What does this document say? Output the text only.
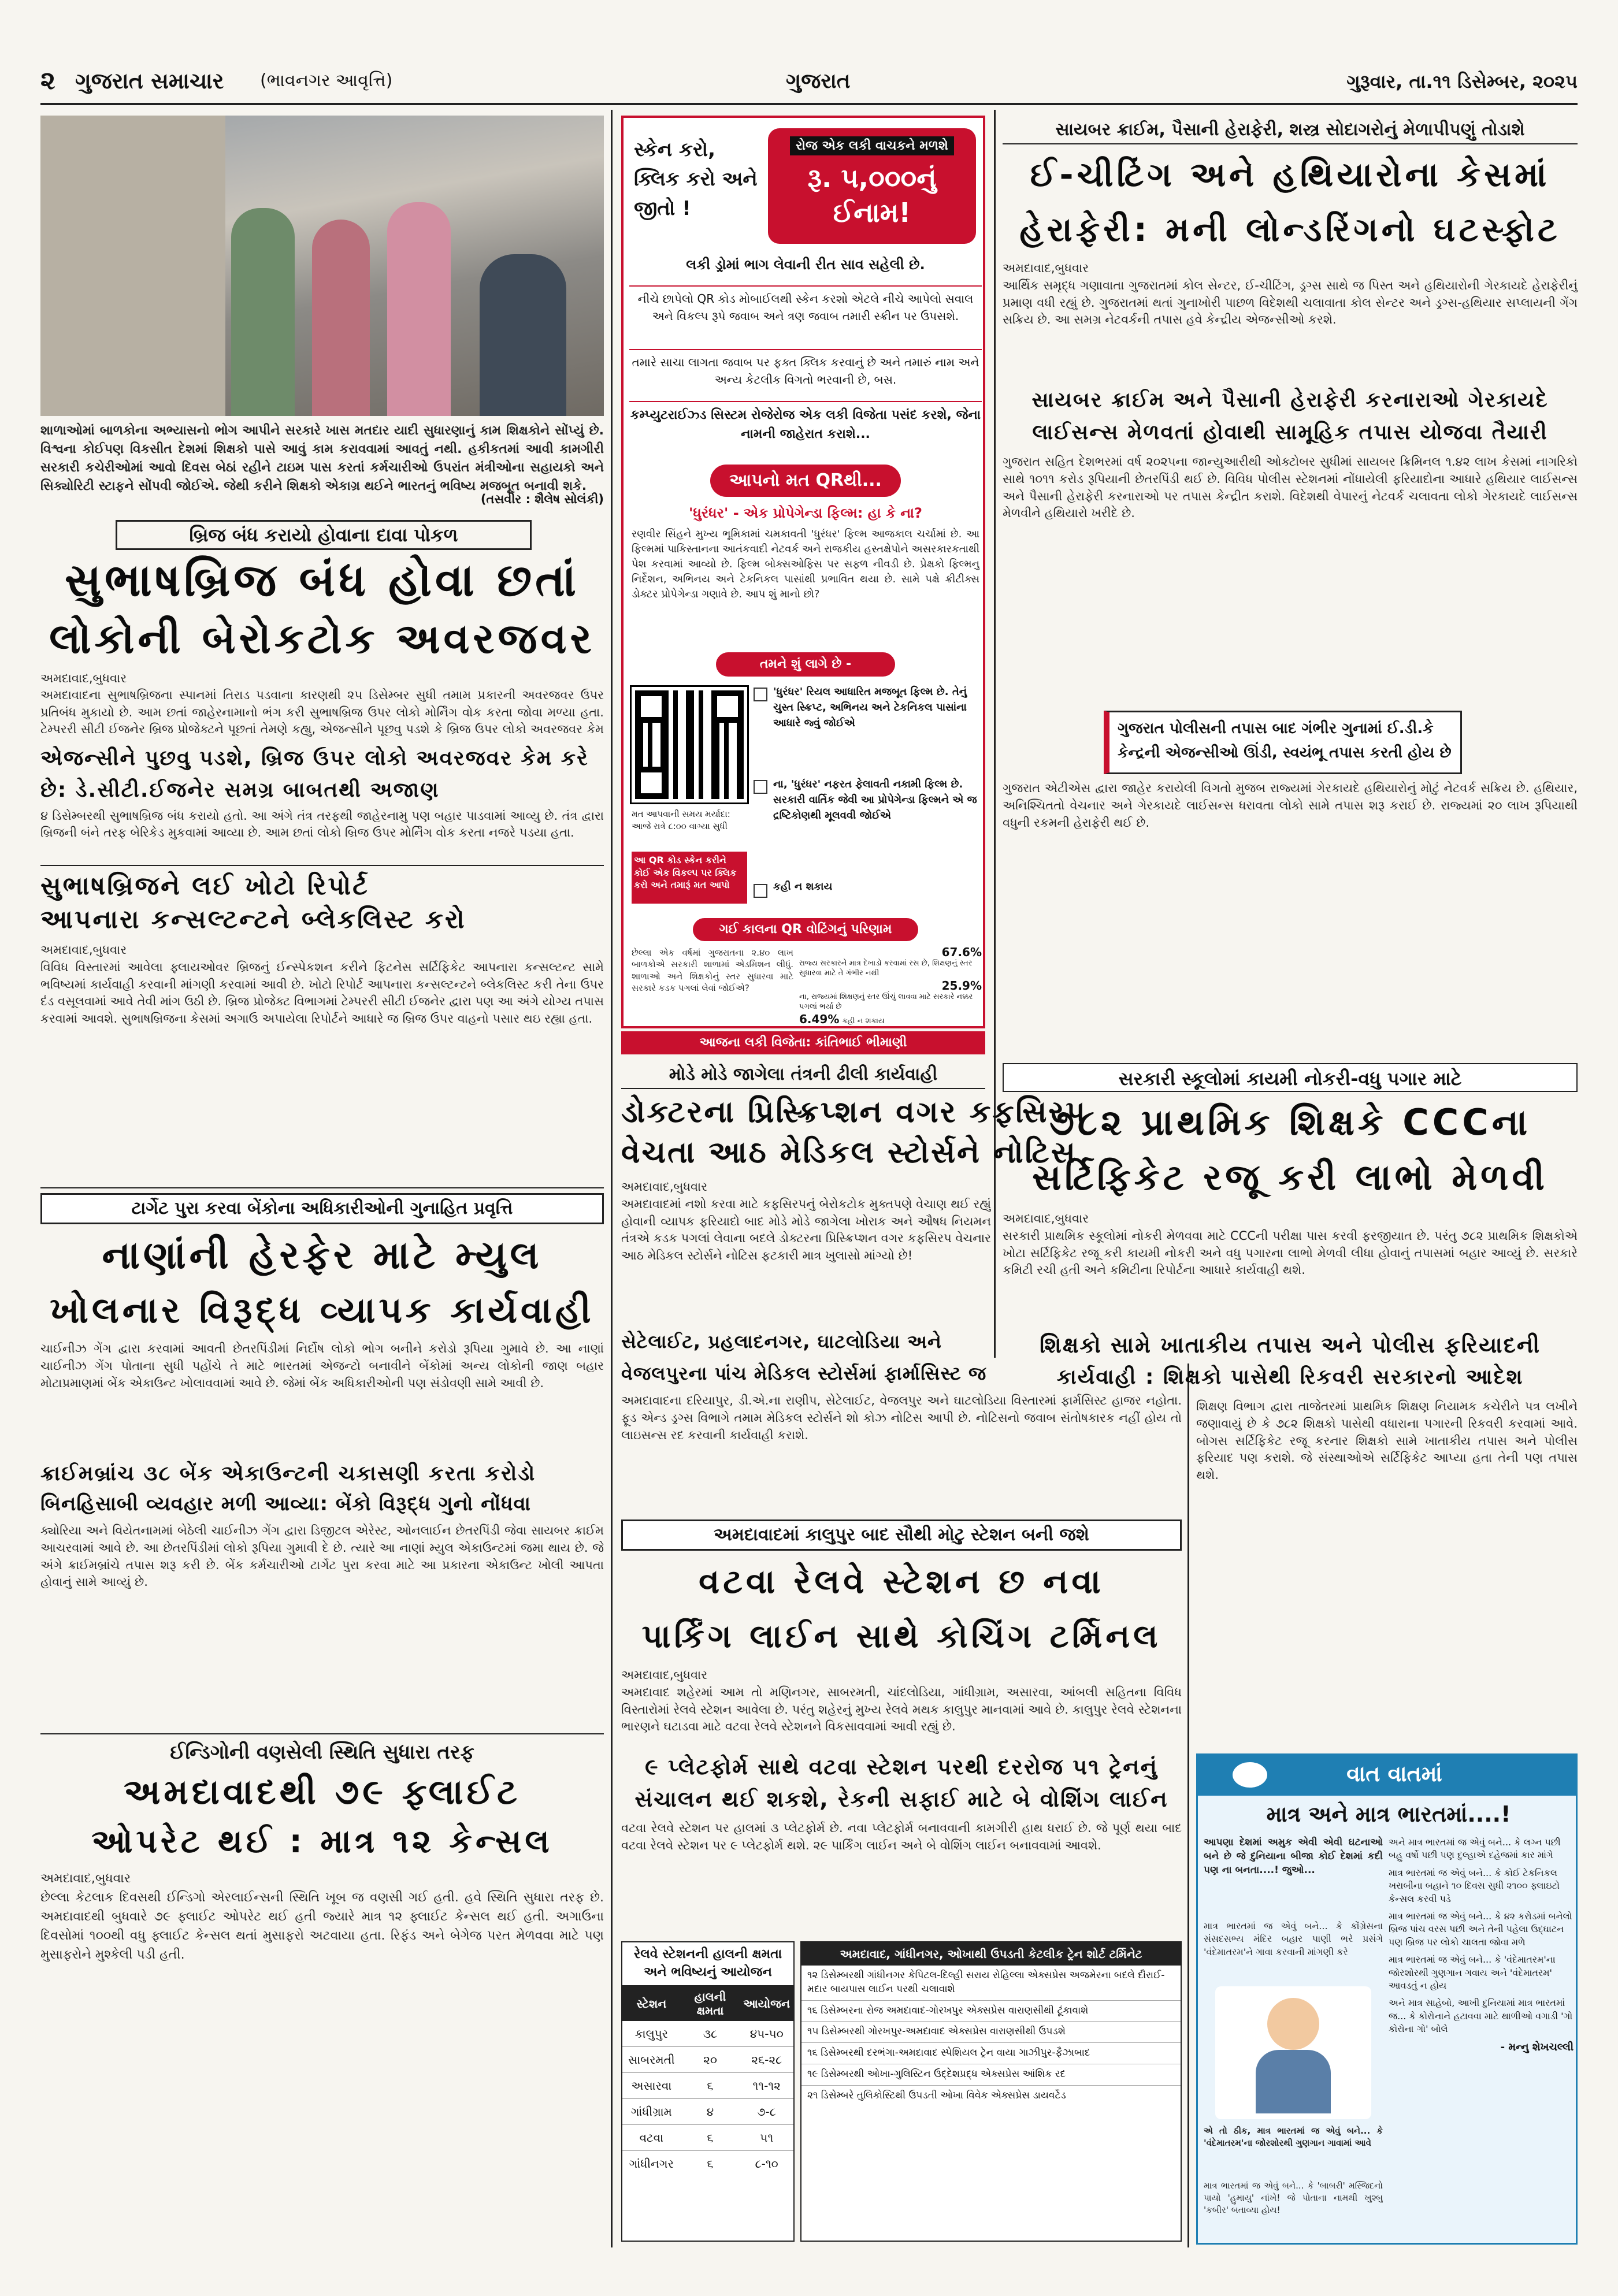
૨ ગુજરાત સમાચાર (ભાવનગર આવૃત્તિ)	ગુજરાત	ગુરૂવાર, તા.૧૧ ડિસેમ્બર, ૨૦૨૫
શાળાઓમાં બાળકોના અભ્યાસનો ભોગ આપીને સરકારે ખાસ મતદાર યાદી સુધારણાનું કામ શિક્ષકોને સોંપ્યું છે. વિશ્વના કોઈપણ વિકસીત દેશમાં શિક્ષકો પાસે આવું કામ કરાવવામાં આવતું નથી. હકીકતમાં આવી કામગીરી સરકારી કચેરીઓમાં આવો દિવસ બેઠાં રહીને ટાઇમ પાસ કરતાં કર્મચારીઓ ઉપરાંત મંત્રીઓના સહાયકો અને સિક્યોરિટી સ્ટાફને સોંપવી જોઈએ. જેથી કરીને શિક્ષકો એકાગ્ર થઈને ભારતનું ભવિષ્ય મજબૂત બનાવી શકે.
(તસવીર : શૈલેષ સોલંકી)
બ્રિજ બંધ કરાયો હોવાના દાવા પોકળ
સુભાષબ્રિજ બંધ હોવા છતાં
લોકોની બેરોકટોક અવરજવર
અમદાવાદ,બુધવાર
અમદાવાદના સુભાષબ્રિજના સ્પાનમાં તિરાડ પડવાના કારણથી ૨૫ ડિસેમ્બર સુધી તમામ પ્રકારની અવરજવર ઉપર પ્રતિબંધ મુકાયો છે. આમ છતાં જાહેરનામાનો ભંગ કરી સુભાષબ્રિજ ઉપર લોકો મોર્નિંગ વોક કરતા જોવા મળ્યા હતા. ટેમ્પરરી સીટી ઈજનેર બ્રિજ પ્રોજેક્ટને પૂછતાં તેમણે કહ્યુ, એજન્સીને પૂછવુ પડશે કે બ્રિજ ઉપર લોકો અવરજવર કેમ
એજન્સીને પુછવુ પડશે, બ્રિજ ઉપર લોકો અવરજવર કેમ કરે છે: ડે.સીટી.ઈજનેર સમગ્ર બાબતથી અજાણ
૪ ડિસેમ્બરથી સુભાષબ્રિજ બંધ કરાયો હતો. આ અંગે તંત્ર તરફથી જાહેરનામુ પણ બહાર પાડવામાં આવ્યુ છે. તંત્ર દ્વારા બ્રિજની બંને તરફ બેરિકેડ મુકવામાં આવ્યા છે. આમ છતાં લોકો બ્રિજ ઉપર મોર્નિંગ વોક કરતા નજરે પડયા હતા.
સુભાષબ્રિજને લઈ ખોટો રિપોર્ટ
આપનારા કન્સલ્ટન્ટને બ્લેકલિસ્ટ કરો
અમદાવાદ,બુધવાર
વિવિધ વિસ્તારમાં આવેલા ફ્લાયઓવર બ્રિજનું ઈન્સ્પેકશન કરીને ફિટનેસ સર્ટિફિકેટ આપનારા કન્સલ્ટન્ટ સામે ભવિષ્યમાં કાર્યવાહી કરવાની માંગણી કરવામાં આવી છે. ખોટો રિપોર્ટ આપનારા કન્સલ્ટન્ટને બ્લેકલિસ્ટ કરી તેના ઉપર દંડ વસૂલવામાં આવે તેવી માંગ ઉઠી છે. બ્રિજ પ્રોજેક્ટ વિભાગમાં ટેમ્પરરી સીટી ઈજનેર દ્વારા પણ આ અંગે યોગ્ય તપાસ કરવામાં આવશે. સુભાષબ્રિજના કેસમાં અગાઉ અપાયેલા રિપોર્ટને આધારે જ બ્રિજ ઉપર વાહનો પસાર થઇ રહ્યા હતા.
ટાર્ગેટ પુરા કરવા બેંકોના અધિકારીઓની ગુનાહિત પ્રવૃત્તિ
નાણાંની હેરફેર માટે મ્યુલ
ખોલનાર વિરૂદ્ધ વ્યાપક કાર્યવાહી
ચાઈનીઝ ગેંગ દ્વારા કરવામાં આવતી છેતરપિંડીમાં નિર્દોષ લોકો ભોગ બનીને કરોડો રૂપિયા ગુમાવે છે. આ નાણાં ચાઈનીઝ ગેંગ પોતાના સુધી પહોંચે તે માટે ભારતમાં એજન્ટો બનાવીને બેંકોમાં અન્ય લોકોની જાણ બહાર મોટાપ્રમાણમાં બેંક એકાઉન્ટ ખોલાવવામાં આવે છે. જેમાં બેંક અધિકારીઓની પણ સંડોવણી સામે આવી છે.
ક્રાઈમબ્રાંચ ૩૮ બેંક એકાઉન્ટની ચકાસણી કરતા કરોડો
બિનહિસાબી વ્યવહાર મળી આવ્યા: બેંકો વિરૂદ્ધ ગુનો નોંધવા
ક્યોરિયા અને વિયેતનામમાં બેઠેલી ચાઈનીઝ ગેંગ દ્વારા ડિજીટલ એરેસ્ટ, ઓનલાઈન છેતરપિંડી જેવા સાયબર ક્રાઈમ આચરવામાં આવે છે. આ છેતરપિંડીમાં લોકો રૂપિયા ગુમાવી દે છે. ત્યારે આ નાણાં મ્યુલ એકાઉન્ટમાં જમા થાય છે. જે અંગે ક્રાઈમબ્રાંચે તપાસ શરૂ કરી છે. બેંક કર્મચારીઓ ટાર્ગેટ પુરા કરવા માટે આ પ્રકારના એકાઉન્ટ ખોલી આપતા હોવાનું સામે આવ્યું છે.
ઈન્ડિગોની વણસેલી સ્થિતિ સુધારા તરફ
અમદાવાદથી ૭૯ ફ્લાઈટ
ઓપરેટ થઈ : માત્ર ૧૨ કેન્સલ
અમદાવાદ,બુધવાર
છેલ્લા કેટલાક દિવસથી ઈન્ડિગો એરલાઈન્સની સ્થિતિ ખૂબ જ વણસી ગઈ હતી. હવે સ્થિતિ સુધારા તરફ છે. અમદાવાદથી બુધવારે ૭૯ ફ્લાઈટ ઓપરેટ થઈ હતી જ્યારે માત્ર ૧૨ ફ્લાઈટ કેન્સલ થઈ હતી. અગાઉના દિવસોમાં ૧૦૦થી વધુ ફ્લાઈટ કેન્સલ થતાં મુસાફરો અટવાયા હતા. રિફંડ અને બેગેજ પરત મેળવવા માટે પણ મુસાફરોને મુશ્કેલી પડી હતી.
સ્કેન કરો, ક્લિક કરો અને જીતો !
રોજ એક લકી વાચકને મળશે
રૂ. ૫,૦૦૦નું ઈનામ!
લકી ડ્રોમાં ભાગ લેવાની રીત સાવ સહેલી છે.
નીચે છાપેલો QR કોડ મોબાઈલથી સ્કેન કરશો એટલે નીચે આપેલો સવાલ અને વિકલ્પ રૂપે જવાબ અને ત્રણ જવાબ તમારી સ્ક્રીન પર ઉપસશે.
તમારે સાચા લાગતા જવાબ પર ફક્ત ક્લિક કરવાનું છે અને તમારું નામ અને અન્ય કેટલીક વિગતો ભરવાની છે, બસ.
કમ્પ્યુટરાઈઝ્ડ સિસ્ટમ રોજેરોજ એક લકી વિજેતા પસંદ કરશે, જેના નામની જાહેરાત કરાશે...
આપનો મત QRથી...
'ધુરંધર' - એક પ્રોપેગેન્ડા ફિલ્મ: હા કે ના?
રણવીર સિંહને મુખ્ય ભૂમિકામાં ચમકાવતી 'ધુરંધર' ફિલ્મ આજકાલ ચર્ચામાં છે. આ ફિલ્મમાં પાકિસ્તાનના આતંકવાદી નેટવર્ક અને રાજકીય હસ્તક્ષેપોને અસરકારકતાથી પેશ કરવામાં આવ્યો છે. ફિલ્મ બોક્સઓફિસ પર સફળ નીવડી છે. પ્રેક્ષકો ફિલ્મનુ નિર્દેશન, અભિનય અને ટેકનિકલ પાસાંથી પ્રભાવિત થયા છે. સામે પક્ષે ક્રીટીક્સ ડોક્ટર પ્રોપેગેન્ડા ગણાવે છે. આપ શું માનો છો?
તમને શું લાગે છે -
મત આપવાની સમય મર્યાદા: આજે રાત્રે ૮:૦૦ વાગ્યા સુધી
આ QR કોડ સ્કેન કરીને કોઈ એક વિકલ્પ પર ક્લિક કરો અને તમારૂં મત આપો
'ધુરંધર' રિયલ આધારિત મજબૂત ફિલ્મ છે. તેનું ચુસ્ત સ્ક્રિપ્ટ, અભિનય અને ટેકનિકલ પાસાંના આધારે જ્વું જોઈએ
ના, 'ધુરંધર' નફરત ફેલાવતી નકામી ફિલ્મ છે. સરકારી વાર્તિક જેવી આ પ્રોપેગેન્ડા ફિલ્મને એ જ દ્રષ્ટિકોણથી મૂલવવી જોઈએ
કહી ન શકાય
ગઈ કાલના QR વોટિંગનું પરિણામ
છેલ્લા એક વર્ષમાં ગુજરાતના ૨.૪૦ લાખ બાળકોએ સરકારી શાળામાં એડમિશન લીધું. શાળાઓ અને શિક્ષકોનું સ્તર સુધારવા માટે સરકારે કડક પગલાં લેવાં જોઈએ?
67.6%
રાજ્ય સરકારને માત્ર દેખાડો કરવામાં રસ છે, શિક્ષણનું સ્તર સુધારવા માટે તે ગંભીર નથી
25.9%
ના, રાજ્યમાં શિક્ષણનું સ્તર ઊંચું લાવવા માટે સરકારે નક્કર પગલાં ભર્યા છે
6.49% કહી ન શકાય
આજના લકી વિજેતા: કાંતિભાઈ ભીમાણી
મોડે મોડે જાગેલા તંત્રની ઢીલી કાર્યવાહી
ડોક્ટરના પ્રિસ્ક્રિપ્શન વગર કફસિરપ
વેચતા આઠ મેડિકલ સ્ટોર્સને નોટિસ
સાયબર ક્રાઈમ, પૈસાની હેરાફેરી, શસ્ત્ર સોદાગરોનું મેળાપીપણું તોડાશે
ઈ-ચીટિંગ અને હથિયારોના કેસમાં
હેરાફેરી: મની લોન્ડરિંગનો ઘટસ્ફોટ
અમદાવાદ,બુધવાર
આર્થિક સમૃદ્ધ ગણાવાતા ગુજરાતમાં કોલ સેન્ટર, ઈ-ચીટિંગ, ડ્રગ્સ સાથે જ પિસ્ત અને હથિયારોની ગેરકાયદે હેરાફેરીનું પ્રમાણ વધી રહ્યું છે. ગુજરાતમાં થતાં ગુનાખોરી પાછળ વિદેશથી ચલાવાતા કોલ સેન્ટર અને ડ્રગ્સ-હથિયાર સપ્લાયની ગેંગ સક્રિય છે. આ સમગ્ર નેટવર્કની તપાસ હવે કેન્દ્રીય એજન્સીઓ કરશે.
સાયબર ક્રાઈમ અને પૈસાની હેરાફેરી કરનારાઓ ગેરકાયદે
લાઈસન્સ મેળવતાં હોવાથી સામૂહિક તપાસ યોજવા તૈયારી
ગુજરાત સહિત દેશભરમાં વર્ષ ૨૦૨૫ના જાન્યુઆરીથી ઓક્ટોબર સુધીમાં સાયબર ક્રિમિનલ ૧.૪૨ લાખ કેસમાં નાગરિકો સાથે ૧૦૧૧ કરોડ રૂપિયાની છેતરપિંડી થઈ છે. વિવિધ પોલીસ સ્ટેશનમાં નોંધાયેલી ફરિયાદોના આધારે હથિયાર લાઈસન્સ અને પૈસાની હેરાફેરી કરનારાઓ પર તપાસ કેન્દ્રીત કરાશે. વિદેશથી વેપારનું નેટવર્ક ચલાવતા લોકો ગેરકાયદે લાઈસન્સ મેળવીને હથિયારો ખરીદે છે.
ગુજરાત પોલીસની તપાસ બાદ ગંભીર ગુનામાં ઈ.ડી.કે કેન્દ્રની એજન્સીઓ ઊંડી, સ્વયંભૂ તપાસ કરતી હોય છે
ગુજરાત એટીએસ દ્વારા જાહેર કરાયેલી વિગતો મુજબ રાજ્યમાં ગેરકાયદે હથિયારોનું મોટું નેટવર્ક સક્રિય છે. હથિયાર, અનિશ્ચિતતો વેચનાર અને ગેરકાયદે લાઈસન્સ ધરાવતા લોકો સામે તપાસ શરૂ કરાઈ છે. રાજ્યમાં ૨૦ લાખ રૂપિયાથી વધુની રકમની હેરાફેરી થઈ છે.
સરકારી સ્કૂલોમાં કાયમી નોકરી-વધુ પગાર માટે
૭૮૨ પ્રાથમિક શિક્ષકે CCCના
સર્ટિફિકેટ રજૂ કરી લાભો મેળવી
અમદાવાદ,બુધવાર
સરકારી પ્રાથમિક સ્કૂલોમાં નોકરી મેળવવા માટે CCCની પરીક્ષા પાસ કરવી ફરજીયાત છે. પરંતુ ૭૮૨ પ્રાથમિક શિક્ષકોએ ખોટા સર્ટિફિકેટ રજૂ કરી કાયમી નોકરી અને વધુ પગારના લાભો મેળવી લીધા હોવાનું તપાસમાં બહાર આવ્યું છે. સરકારે કમિટી રચી હતી અને કમિટીના રિપોર્ટના આધારે કાર્યવાહી થશે.
શિક્ષકો સામે ખાતાકીય તપાસ અને પોલીસ ફરિયાદની
કાર્યવાહી : શિક્ષકો પાસેથી રિકવરી સરકારનો આદેશ
શિક્ષણ વિભાગ દ્વારા તાજેતરમાં પ્રાથમિક શિક્ષણ નિયામક કચેરીને પત્ર લખીને જણાવાયું છે કે ૭૮૨ શિક્ષકો પાસેથી વધારાના પગારની રિકવરી કરવામાં આવે. બોગસ સર્ટિફિકેટ રજૂ કરનાર શિક્ષકો સામે ખાતાકીય તપાસ અને પોલીસ ફરિયાદ પણ કરાશે. જે સંસ્થાઓએ સર્ટિફિકેટ આપ્યા હતા તેની પણ તપાસ થશે.
અમદાવાદ,બુધવાર
અમદાવાદમાં નશો કરવા માટે કફસિરપનું બેરોકટોક મુક્તપણે વેચાણ થઈ રહ્યું હોવાની વ્યાપક ફરિયાદો બાદ મોડે મોડે જાગેલા ખોરાક અને ઔષધ નિયમન તંત્રએ કડક પગલાં લેવાના બદલે ડોક્ટરના પ્રિસ્ક્રિપ્શન વગર કફસિરપ વેચનાર આઠ મેડિકલ સ્ટોર્સને નોટિસ ફટકારી માત્ર ખુલાસો માંગ્યો છે!
સેટેલાઈટ, પ્રહલાદનગર, ઘાટલોડિયા અને વેજલપુરના પાંચ મેડિકલ સ્ટોર્સમાં ફાર્માસિસ્ટ જ
અમદાવાદના દરિયાપુર, ડી.એ.ના રાણીપ, સેટેલાઈટ, વેજલપુર અને ઘાટલોડિયા વિસ્તારમાં ફાર્મસિસ્ટ હાજર નહોતા. ફૂડ એન્ડ ડ્રગ્સ વિભાગે તમામ મેડિકલ સ્ટોર્સને શો કોઝ નોટિસ આપી છે. નોટિસનો જવાબ સંતોષકારક નહીં હોય તો લાઇસન્સ રદ કરવાની કાર્યવાહી કરાશે.
અમદાવાદમાં કાલુપુર બાદ સૌથી મોટુ સ્ટેશન બની જશે
વટવા રેલવે સ્ટેશન છ નવા
પાર્કિંગ લાઈન સાથે કોચિંગ ટર્મિનલ
અમદાવાદ,બુધવાર
અમદાવાદ શહેરમાં આમ તો મણિનગર, સાબરમતી, ચાંદલોડિયા, ગાંધીગ્રામ, અસારવા, આંબલી સહિતના વિવિધ વિસ્તારોમાં રેલવે સ્ટેશન આવેલા છે. પરંતુ શહેરનું મુખ્ય રેલવે મથક કાલુપુર માનવામાં આવે છે. કાલુપુર રેલવે સ્ટેશનના ભારણને ઘટાડવા માટે વટવા રેલવે સ્ટેશનને વિકસાવવામાં આવી રહ્યું છે.
૯ પ્લેટફોર્મ સાથે વટવા સ્ટેશન પરથી દરરોજ ૫૧ ટ્રેનનું
સંચાલન થઈ શકશે, રેકની સફાઈ માટે બે વોશિંગ લાઈન
વટવા રેલવે સ્ટેશન પર હાલમાં ૩ પ્લેટફોર્મ છે. નવા પ્લેટફોર્મ બનાવવાની કામગીરી હાથ ધરાઈ છે. જે પૂર્ણ થયા બાદ વટવા રેલવે સ્ટેશન પર ૯ પ્લેટફોર્મ થશે. ૨૯ પાર્કિંગ લાઈન અને બે વોશિંગ લાઈન બનાવવામાં આવશે.
રેલવે સ્ટેશનની હાલની ક્ષમતા અને ભવિષ્યનું આયોજન
સ્ટેશન	હાલની ક્ષમતા	આયોજન
કાલુપુર	૩૮	૪૫-૫૦
સાબરમતી	૨૦	૨૬-૨૮
અસારવા	૬	૧૧-૧૨
ગાંધીગ્રામ	૪	૭-૮
વટવા	૬	૫૧
ગાંધીનગર	૬	૮-૧૦
અમદાવાદ, ગાંધીનગર, ઓખાથી ઉપડતી કેટલીક ટ્રેન શોર્ટ ટર્મિનેટ
૧૨ ડિસેમ્બરથી ગાંધીનગર કેપિટલ-દિલ્હી સરાય રોહિલ્લા એક્સપ્રેસ અજમેરના બદલે દૌરાઈ-મદાર બાયપાસ લાઈન પરથી ચલાવાશે
૧૬ ડિસેમ્બરના રોજ અમદાવાદ-ગોરખપુર એક્સપ્રેસ વારાણસીથી ટૂંકાવાશે
૧૫ ડિસેમ્બરથી ગોરખપુર-અમદાવાદ એક્સપ્રેસ વારાણસીથી ઉપડશે
૧૬ ડિસેમ્બરથી દરભંગા-અમદાવાદ સ્પેશિયલ ટ્રેન વાયા ગાઝીપુર-ફૈઝાબાદ
૧૯ ડિસેમ્બરથી ઓખા-ગુલિસ્ટિન ઉદ્દેશપ્રદ્ધ એક્સપ્રેસ આંશિક રદ
૨૧ ડિસેમ્બરે તુલિકોસ્ટિથી ઉપડતી ઓખા વિવેક એક્સપ્રેસ ડાયવર્ટેડ
વાત વાતમાં
માત્ર અને માત્ર ભારતમાં....!
આપણા દેશમાં અમુક એવી એવી ઘટનાઓ બને છે જે દુનિયાના બીજા કોઈ દેશમાં કદી પણ ના બનતા....! જુઓ...
અને માત્ર ભારતમાં જ એવું બને... કે લગ્ન પછી બહુ વર્ષો પછી પણ દુલ્હાએ દહેજમાં કાર માંગે
માત્ર ભારતમાં જ એવું બને... કે કોઈ ટેકનિકલ ખરાબીના બહાને ૧૦ દિવસ સુધી ૨૧૦૦ ફ્લાઇટો કેન્સલ કરવી પડે
માત્ર ભારતમાં જ એવું બને... કે ૪૨ કરોડમાં બનેલો બ્રિજ પાંચ વરસ પછી અને તેની પહેલા ઉદ્ઘાટન પણ બ્રિજ પર લોકો ચાલતા જોવા મળે
માત્ર ભારતમાં જ એવું બને... કે 'વંદેમાતરમ'ના જોરશોરથી ગુણગાન ગવાય અને 'વંદેમાતરમ' આવડતું ન હોય
અને માત્ર સાહેબો, આખી દુનિયામાં માત્ર ભારતમાં જ... કે કોરોનાને હટાવવા માટે થાળીઓ વગાડી 'ગો કોરોના ગો' બોલે
- મન્નુ શેખચલ્લી
માત્ર ભારતમાં જ એવું બને... કે કોંગ્રેસના સંસદસભ્ય મંદિર બહાર પાણી ભરે પ્રસંગે 'વંદેમાતરમ'ને ગાવા કરવાની માંગણી કરે
એ તો ઠીક, માત્ર ભારતમાં જ એવું બને... કે 'વંદેમાતરમ'ના જોરશોરથી ગુણગાન ગાવામાં આવે
માત્ર ભારતમાં જ એવું બને... કે 'બાબરી' મસ્જિદનો પાયો 'હુમાયુ' નાંખે! જે પોતાના નામથી ખુશ્બુ 'કબીર' બતાવ્યા હોય!
